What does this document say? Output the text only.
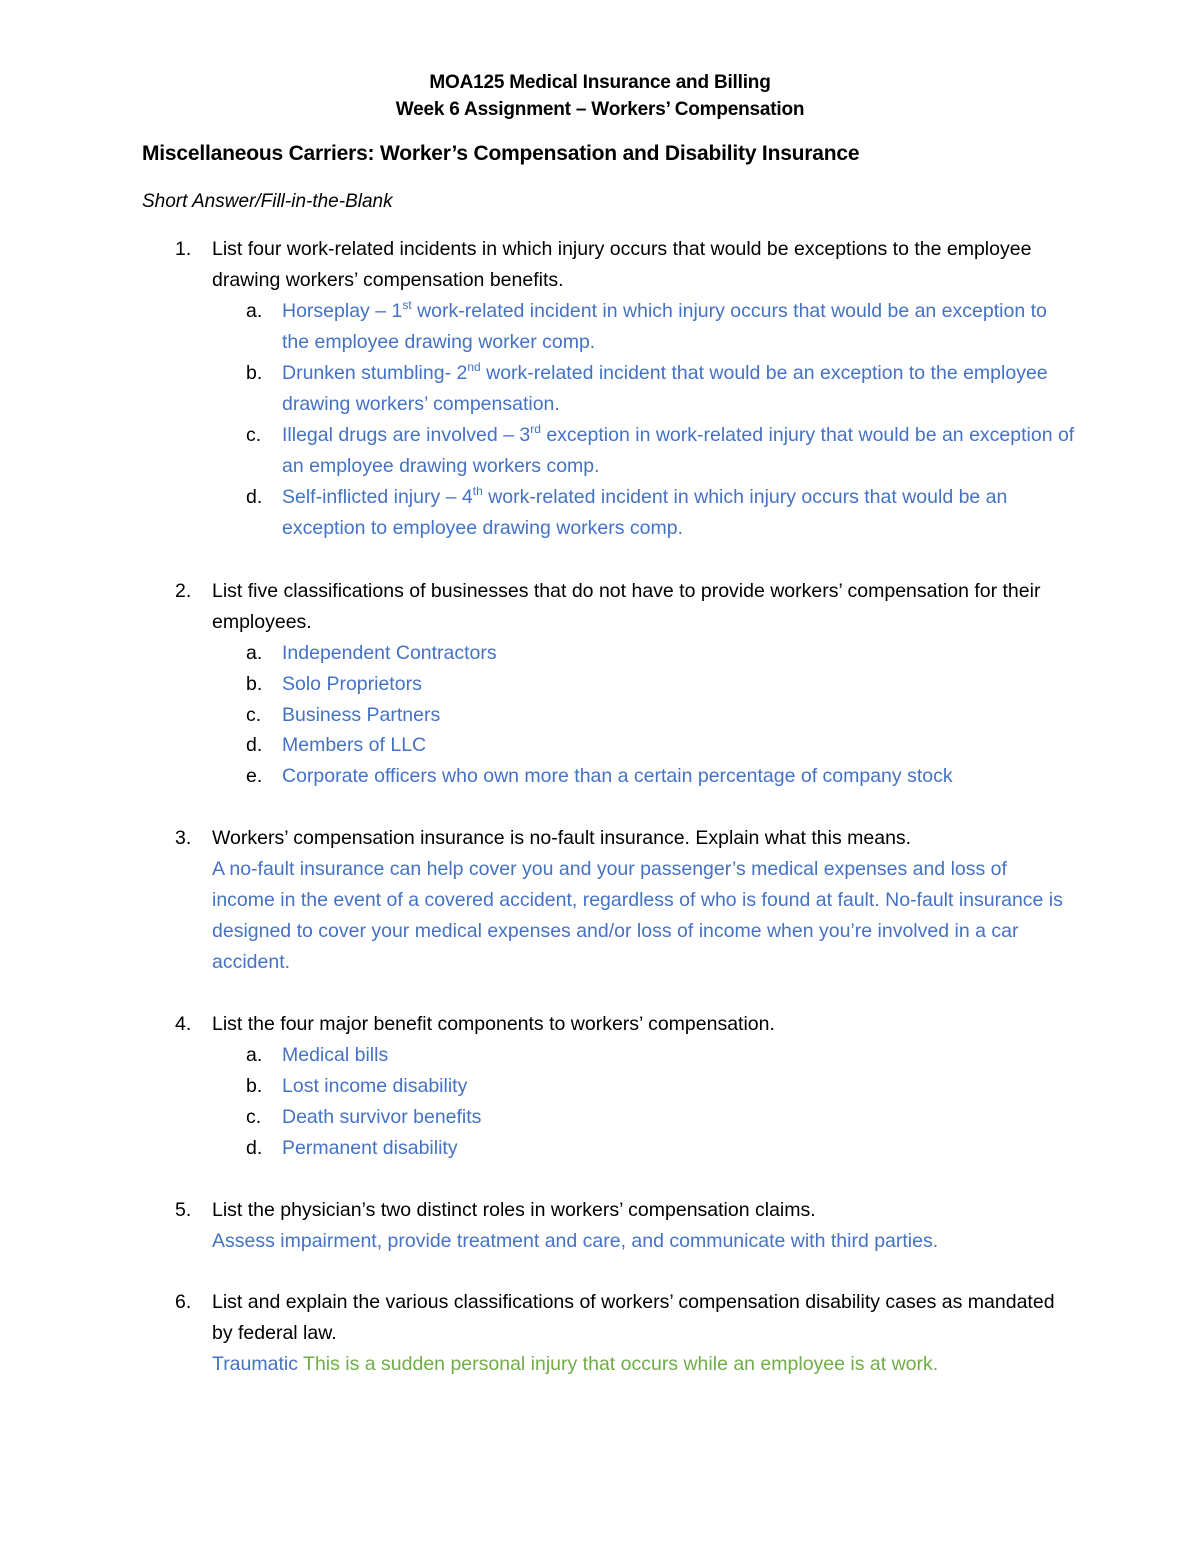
MOA125 Medical Insurance and Billing
Week 6 Assignment – Workers’ Compensation
Miscellaneous Carriers: Worker’s Compensation and Disability Insurance
Short Answer/Fill-in-the-Blank
1. List four work-related incidents in which injury occurs that would be exceptions to the employee drawing workers’ compensation benefits.
a. Horseplay – 1st work-related incident in which injury occurs that would be an exception to the employee drawing worker comp.
b. Drunken stumbling- 2nd work-related incident that would be an exception to the employee drawing workers’ compensation.
c. Illegal drugs are involved – 3rd exception in work-related injury that would be an exception of an employee drawing workers comp.
d. Self-inflicted injury – 4th work-related incident in which injury occurs that would be an exception to employee drawing workers comp.
2. List five classifications of businesses that do not have to provide workers’ compensation for their employees.
a. Independent Contractors
b. Solo Proprietors
c. Business Partners
d. Members of LLC
e. Corporate officers who own more than a certain percentage of company stock
3. Workers’ compensation insurance is no-fault insurance. Explain what this means.
A no-fault insurance can help cover you and your passenger’s medical expenses and loss of income in the event of a covered accident, regardless of who is found at fault. No-fault insurance is designed to cover your medical expenses and/or loss of income when you’re involved in a car accident.
4. List the four major benefit components to workers’ compensation.
a. Medical bills
b. Lost income disability
c. Death survivor benefits
d. Permanent disability
5. List the physician’s two distinct roles in workers’ compensation claims.
Assess impairment, provide treatment and care, and communicate with third parties.
6. List and explain the various classifications of workers’ compensation disability cases as mandated by federal law.
Traumatic This is a sudden personal injury that occurs while an employee is at work.
